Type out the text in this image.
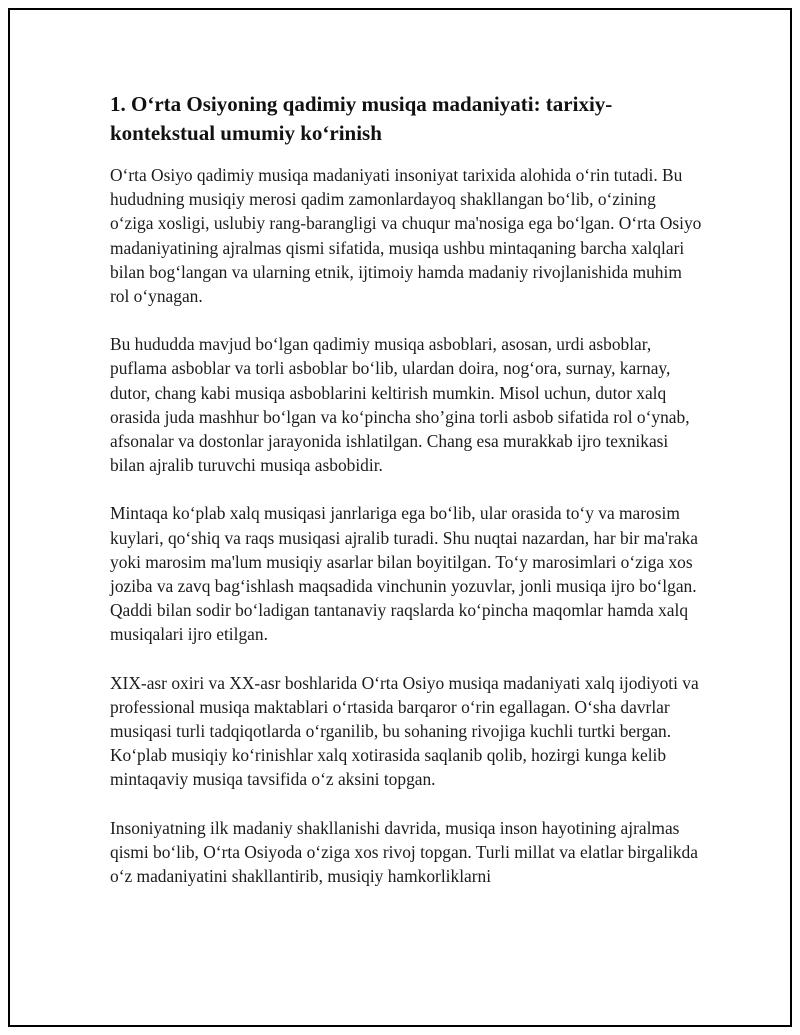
1. O‘rta Osiyoning qadimiy musiqa madaniyati: tarixiy-kontekstual umumiy ko‘rinish

O‘rta Osiyo qadimiy musiqa madaniyati insoniyat tarixida alohida o‘rin tutadi. Bu hududning musiqiy merosi qadim zamonlardayoq shakllangan bo‘lib, o‘zining o‘ziga xosligi, uslubiy rang-barangligi va chuqur ma'nosiga ega bo‘lgan. O‘rta Osiyo madaniyatining ajralmas qismi sifatida, musiqa ushbu mintaqaning barcha xalqlari bilan bog‘langan va ularning etnik, ijtimoiy hamda madaniy rivojlanishida muhim rol o‘ynagan.

Bu hududda mavjud bo‘lgan qadimiy musiqa asboblari, asosan, urdi asboblar, puflama asboblar va torli asboblar bo‘lib, ulardan doira, nog‘ora, surnay, karnay, dutor, chang kabi musiqa asboblarini keltirish mumkin. Misol uchun, dutor xalq orasida juda mashhur bo‘lgan va ko‘pincha sho’gina torli asbob sifatida rol o‘ynab, afsonalar va dostonlar jarayonida ishlatilgan. Chang esa murakkab ijro texnikasi bilan ajralib turuvchi musiqa asbobidir.

Mintaqa ko‘plab xalq musiqasi janrlariga ega bo‘lib, ular orasida to‘y va marosim kuylari, qo‘shiq va raqs musiqasi ajralib turadi. Shu nuqtai nazardan, har bir ma'raka yoki marosim ma'lum musiqiy asarlar bilan boyitilgan. To‘y marosimlari o‘ziga xos joziba va zavq bag‘ishlash maqsadida vinchunin yozuvlar, jonli musiqa ijro bo‘lgan. Qaddi bilan sodir bo‘ladigan tantanaviy raqslarda ko‘pincha maqomlar hamda xalq musiqalari ijro etilgan.

XIX-asr oxiri va XX-asr boshlarida O‘rta Osiyo musiqa madaniyati xalq ijodiyoti va professional musiqa maktablari o‘rtasida barqaror o‘rin egallagan. O‘sha davrlar musiqasi turli tadqiqotlarda o‘rganilib, bu sohaning rivojiga kuchli turtki bergan. Ko‘plab musiqiy ko‘rinishlar xalq xotirasida saqlanib qolib, hozirgi kunga kelib mintaqaviy musiqa tavsifida o‘z aksini topgan.

Insoniyatning ilk madaniy shakllanishi davrida, musiqa inson hayotining ajralmas qismi bo‘lib, O‘rta Osiyoda o‘ziga xos rivoj topgan. Turli millat va elatlar birgalikda o‘z madaniyatini shakllantirib, musiqiy hamkorliklarni
